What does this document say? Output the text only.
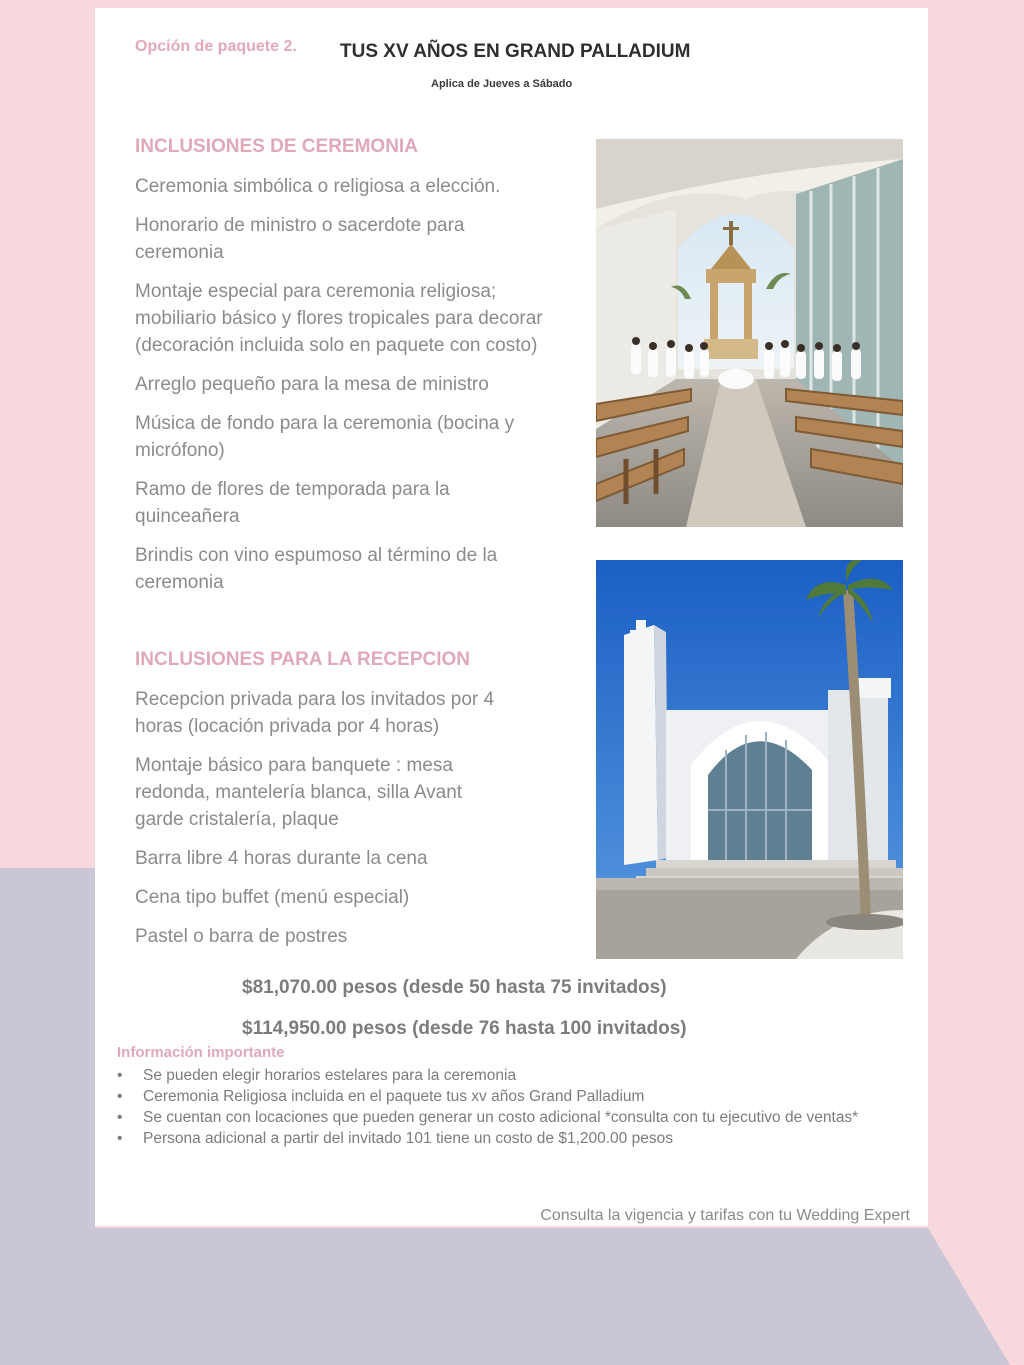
Opción de paquete 2. TUS XV AÑOS EN GRAND PALLADIUM
Aplica de Jueves a Sábado
INCLUSIONES DE CEREMONIA
Ceremonia simbólica o religiosa a elección.
Honorario de ministro o sacerdote para ceremonia
Montaje especial para ceremonia religiosa; mobiliario básico y flores tropicales para decorar (decoración incluida solo en paquete con costo)
Arreglo pequeño para la mesa de ministro
Música de fondo para la ceremonia (bocina y micrófono)
Ramo de flores de temporada para la quinceañera
Brindis con vino espumoso al término de la ceremonia
INCLUSIONES PARA LA RECEPCION
Recepcion privada para los invitados por 4 horas (locación privada por 4 horas)
Montaje básico para banquete : mesa redonda, mantelería blanca, silla Avant garde cristalería, plaque
Barra libre 4 horas durante la cena
Cena tipo buffet (menú especial)
Pastel o barra de postres
$81,070.00 pesos (desde 50 hasta 75 invitados)
$114,950.00 pesos (desde 76 hasta 100 invitados)
Información importante
• Se pueden elegir horarios estelares para la ceremonia
• Ceremonia Religiosa incluida en el paquete tus xv años Grand Palladium
• Se cuentan con locaciones que pueden generar un costo adicional *consulta con tu ejecutivo de ventas*
• Persona adicional a partir del invitado 101 tiene un costo de $1,200.00 pesos
Consulta la vigencia y tarifas con tu Wedding Expert
